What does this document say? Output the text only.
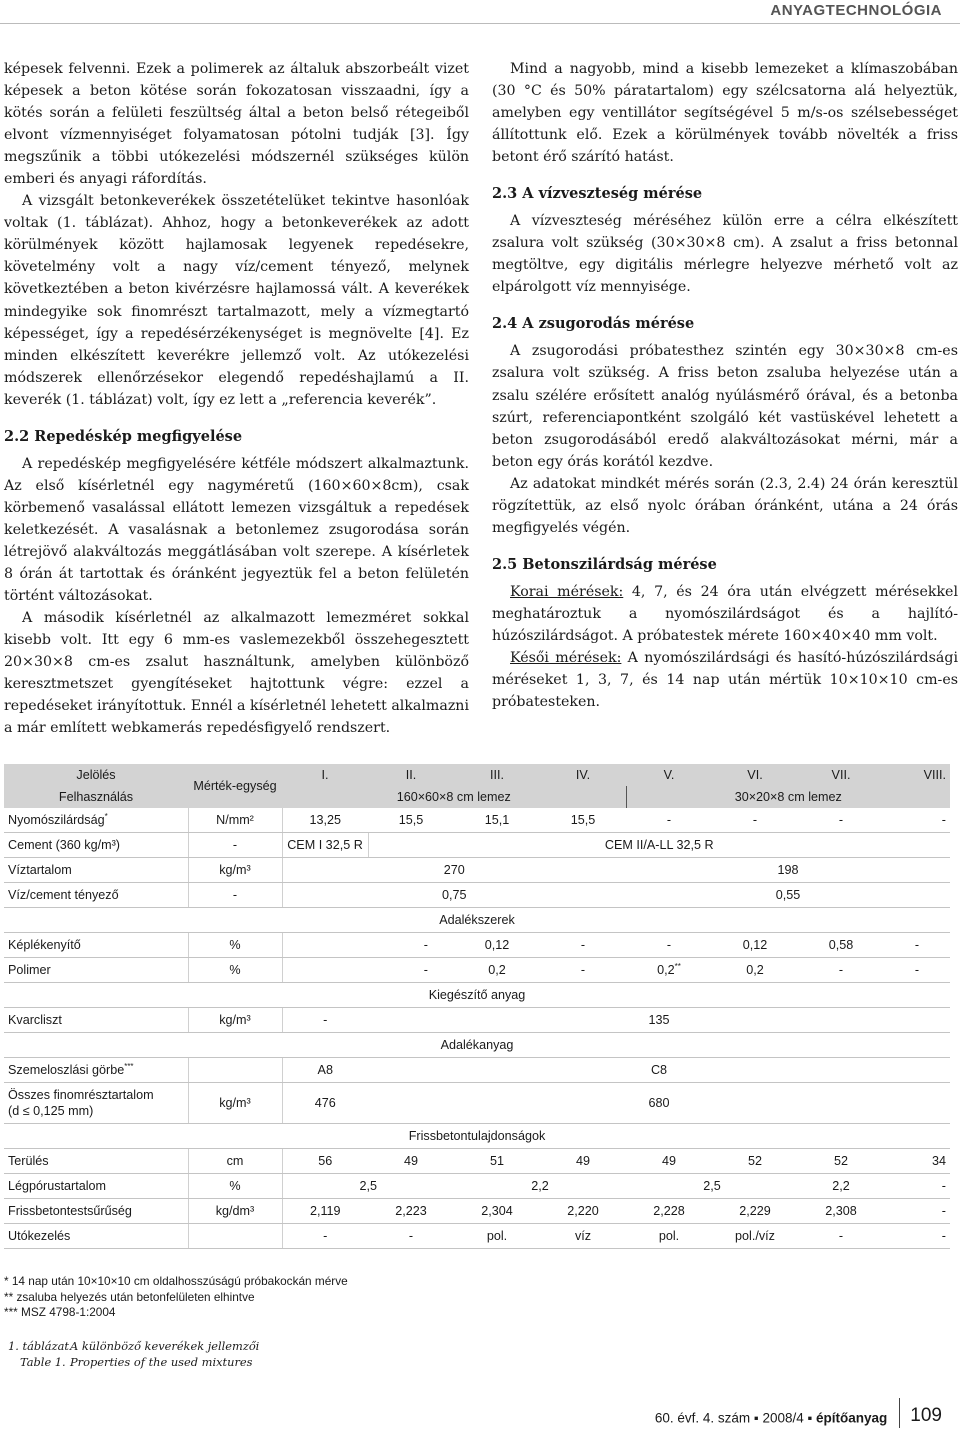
ANYAGTECHNOLÓGIA

képesek felvenni. Ezek a polimerek az általuk abszorbeált vizet képesek a beton kötése során fokozatosan visszaadni, így a kötés során a felületi feszültség által a beton belső rétegeiből elvont vízmennyiséget folyamatosan pótolni tudják [3]. Így megszűnik a többi utókezelési módszernél szükséges külön emberi és anyagi ráfordítás.

A vizsgált betonkeverékek összetételüket tekintve hasonlóak voltak (1. táblázat). Ahhoz, hogy a betonkeverékek az adott körülmények között hajlamosak legyenek repedésekre, követelmény volt a nagy víz/cement tényező, melynek következtében a beton kivérzésre hajlamossá vált. A keverékek mindegyike sok finomrészt tartalmazott, mely a vízmegtartó képességet, így a repedésérzékenységet is megnövelte [4]. Ez minden elkészített keverékre jellemző volt. Az utókezelési módszerek ellenőrzésekor elegendő repedéshajlamú a II. keverék (1. táblázat) volt, így ez lett a „referencia keverék”.

2.2 Repedéskép megfigyelése

A repedéskép megfigyelésére kétféle módszert alkalmaztunk. Az első kísérletnél egy nagyméretű (160×60×8cm), csak körbemenő vasalással ellátott lemezen vizsgáltuk a repedések keletkezését. A vasalásnak a betonlemez zsugorodása során létrejövő alakváltozás meggátlásában volt szerepe. A kísérletek 8 órán át tartottak és óránként jegyeztük fel a beton felületén történt változásokat.

A második kísérletnél az alkalmazott lemezméret sokkal kisebb volt. Itt egy 6 mm-es vaslemezekből összehegesztett 20×30×8 cm-es zsalut használtunk, amelyben különböző keresztmetszet gyengítéseket hajtottunk végre: ezzel a repedéseket irányítottuk. Ennél a kísérletnél lehetett alkalmazni a már említett webkamerás repedésfigyelő rendszert.

Mind a nagyobb, mind a kisebb lemezeket a klímaszobában (30 °C és 50% páratartalom) egy szélcsatorna alá helyeztük, amelyben egy ventillátor segítségével 5 m/s-os szélsebességet állítottunk elő. Ezek a körülmények tovább növelték a friss betont érő szárító hatást.

2.3 A vízveszteség mérése

A vízveszteség méréséhez külön erre a célra elkészített zsalura volt szükség (30×30×8 cm). A zsalut a friss betonnal megtöltve, egy digitális mérlegre helyezve mérhető volt az elpárolgott víz mennyisége.

2.4 A zsugorodás mérése

A zsugorodási próbatesthez szintén egy 30×30×8 cm-es zsalura volt szükség. A friss beton zsaluba helyezése után a zsalu szélére erősített analóg nyúlásmérő órával, és a betonba szúrt, referenciapontként szolgáló két vastüskével lehetett a beton zsugorodásából eredő alakváltozásokat mérni, már a beton egy órás korától kezdve.

Az adatokat mindkét mérés során (2.3, 2.4) 24 órán keresztül rögzítettük, az első nyolc órában óránként, utána a 24 órás megfigyelés végén.

2.5 Betonszilárdság mérése

Korai mérések: 4, 7, és 24 óra után elvégzett mérésekkel meghatároztuk a nyomószilárdságot és a hajlító-húzószilárdságot. A próbatestek mérete 160×40×40 mm volt.

Késői mérések: A nyomószilárdsági és hasító-húzószilárdsági méréseket 1, 3, 7, és 14 nap után mértük 10×10×10 cm-es próbatesteken.

Jelölés	Mérték-egység	I.	II.	III.	IV.	V.	VI.	VII.	VIII.
Felhasználás		160×60×8 cm lemez				30×20×8 cm lemez			
Nyomószilárdság*	N/mm²	13,25	15,5	15,1	15,5	-	-	-	-
Cement (360 kg/m³)	-	CEM I 32,5 R	CEM II/A-LL 32,5 R						
Víztartalom	kg/m³	270				198			
Víz/cement tényező	-	0,75				0,55			
Adalékszerek									
Képlékenyítő	%	-		0,12	-	-	0,12	0,58	-
Polimer	%	-		0,2	-	0,2**	0,2	-	-
Kiegészítő anyag									
Kvarcliszt	kg/m³	-	135						
Adalékanyag									
Szemeloszlási görbe***		A8	C8						

Összes finomrésztartalom
(d ≤ 0,125 mm)	kg/m³	476	680						
Frissbetontulajdonságok									
Terülés	cm	56	49	51	49	49	52	52	34
Légpórustartalom	%	2,5		2,2		2,5		2,2	-
Frissbetontestsűrűség	kg/dm³	2,119	2,223	2,304	2,220	2,228	2,229	2,308	-
Utókezelés		-	-	pol.	víz	pol.	pol./víz	-	-
* 14 nap után 10×10×10 cm oldalhosszúságú próbakockán mérve
** zsaluba helyezés után betonfelületen elhintve
*** MSZ 4798-1:2004
1. táblázatA különböző keverékek jellemzői
Table 1. Properties of the used mixtures
60. évf. 4. szám ▪ 2008/4 ▪ építőanyag 109
